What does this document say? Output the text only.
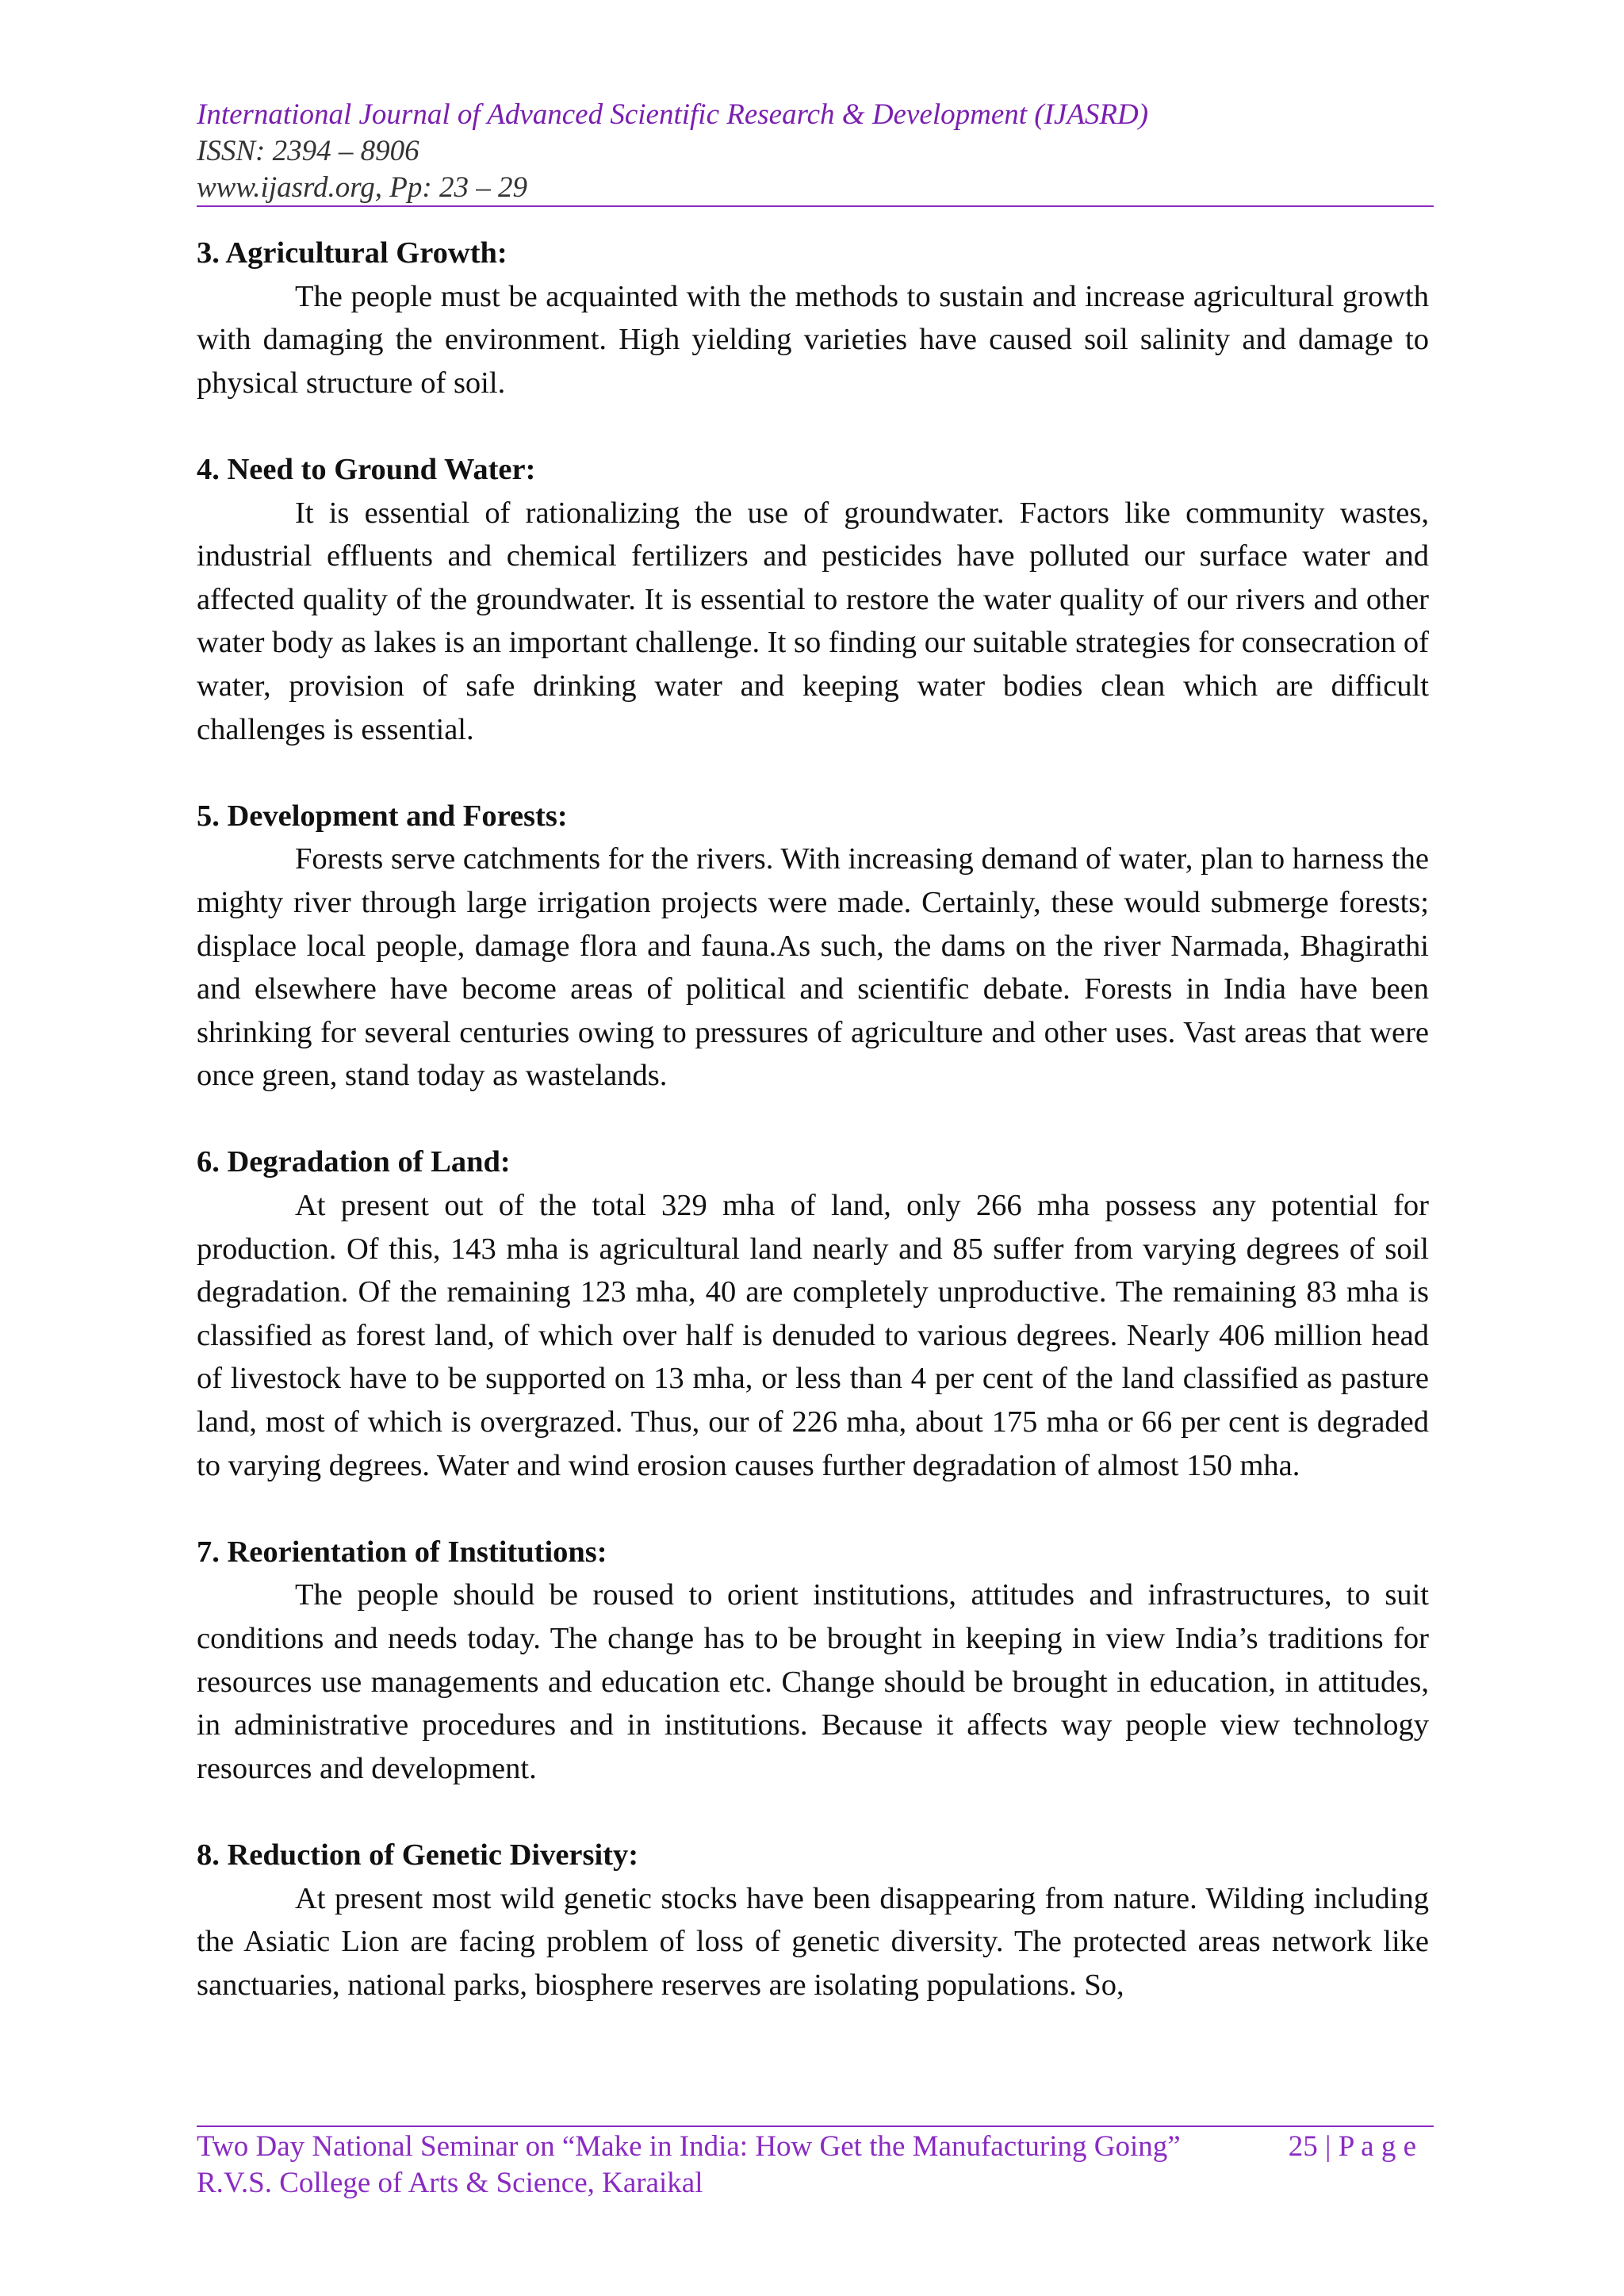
International Journal of Advanced Scientific Research & Development (IJASRD)
ISSN: 2394 – 8906
www.ijasrd.org, Pp: 23 – 29
3. Agricultural Growth:

The people must be acquainted with the methods to sustain and increase agricultural growth with damaging the environment. High yielding varieties have caused soil salinity and damage to physical structure of soil.

4. Need to Ground Water:

It is essential of rationalizing the use of groundwater. Factors like community wastes, industrial effluents and chemical fertilizers and pesticides have polluted our surface water and affected quality of the groundwater. It is essential to restore the water quality of our rivers and other water body as lakes is an important challenge. It so finding our suitable strategies for consecration of water, provision of safe drinking water and keeping water bodies clean which are difficult challenges is essential.

5. Development and Forests:

Forests serve catchments for the rivers. With increasing demand of water, plan to harness the mighty river through large irrigation projects were made. Certainly, these would submerge forests; displace local people, damage flora and fauna.As such, the dams on the river Narmada, Bhagirathi and elsewhere have become areas of political and scientific debate. Forests in India have been shrinking for several centuries owing to pressures of agriculture and other uses. Vast areas that were once green, stand today as wastelands.

6. Degradation of Land:

At present out of the total 329 mha of land, only 266 mha possess any potential for production. Of this, 143 mha is agricultural land nearly and 85 suffer from varying degrees of soil degradation. Of the remaining 123 mha, 40 are completely unproductive. The remaining 83 mha is classified as forest land, of which over half is denuded to various degrees. Nearly 406 million head of livestock have to be supported on 13 mha, or less than 4 per cent of the land classified as pasture land, most of which is overgrazed. Thus, our of 226 mha, about 175 mha or 66 per cent is degraded to varying degrees. Water and wind erosion causes further degradation of almost 150 mha.

7. Reorientation of Institutions:

The people should be roused to orient institutions, attitudes and infrastructures, to suit conditions and needs today. The change has to be brought in keeping in view India’s traditions for resources use managements and education etc. Change should be brought in education, in attitudes, in administrative procedures and in institutions. Because it affects way people view technology resources and development.

8. Reduction of Genetic Diversity:

At present most wild genetic stocks have been disappearing from nature. Wilding including the Asiatic Lion are facing problem of loss of genetic diversity. The protected areas network like sanctuaries, national parks, biosphere reserves are isolating populations. So,

Two Day National Seminar on “Make in India: How Get the Manufacturing Going”	25 | P a g e
R.V.S. College of Arts & Science, Karaikal
